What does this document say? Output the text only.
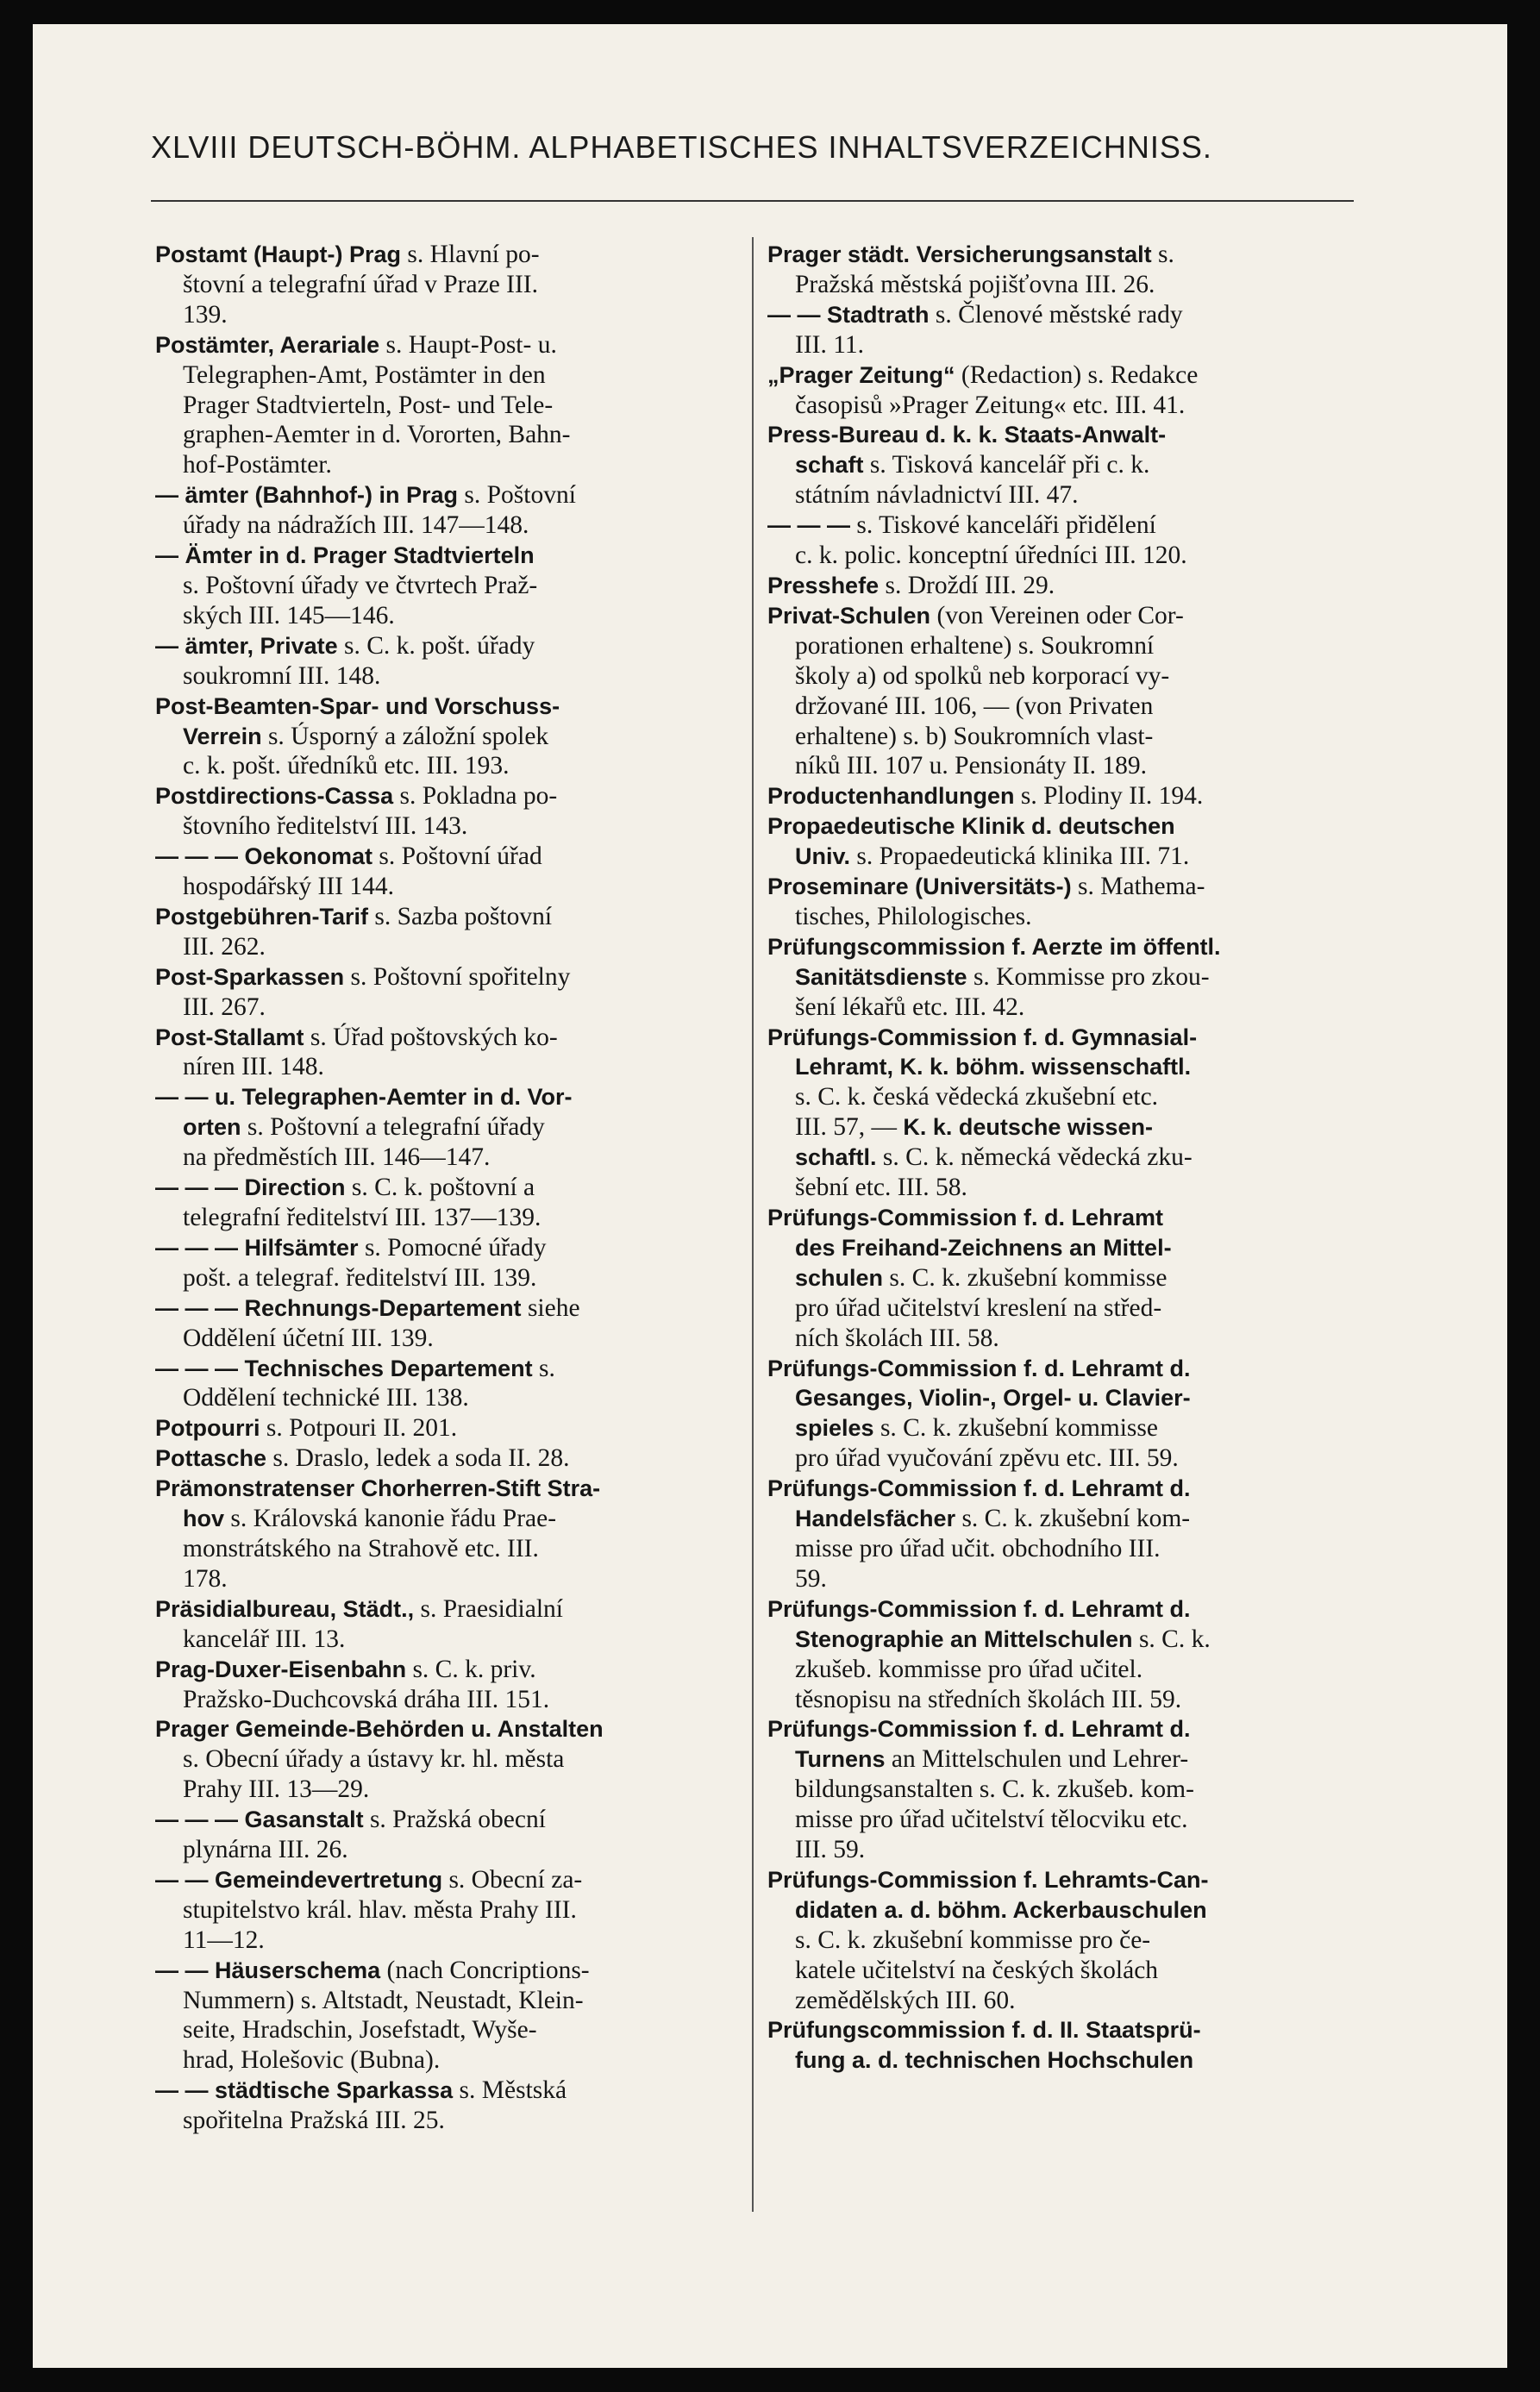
XLVIII DEUTSCH-BÖHM. ALPHABETISCHES INHALTSVERZEICHNISS.
Postamt (Haupt-) Prag s. Hlavní po-
štovní a telegrafní úřad v Praze III.
139.
Postämter, Aerariale s. Haupt-Post- u.
Telegraphen-Amt, Postämter in den
Prager Stadtvierteln, Post- und Tele-
graphen-Aemter in d. Vororten, Bahn-
hof-Postämter.
— ämter (Bahnhof-) in Prag s. Poštovní
úřady na nádražích III. 147—148.
— Ämter in d. Prager Stadtvierteln
s. Poštovní úřady ve čtvrtech Praž-
ských III. 145—146.
— ämter, Private s. C. k. pošt. úřady
soukromní III. 148.
Post-Beamten-Spar- und Vorschuss-
Verrein s. Úsporný a záložní spolek
c. k. pošt. úředníků etc. III. 193.
Postdirections-Cassa s. Pokladna po-
štovního ředitelství III. 143.
— — — Oekonomat s. Poštovní úřad
hospodářský III 144.
Postgebühren-Tarif s. Sazba poštovní
III. 262.
Post-Sparkassen s. Poštovní spořitelny
III. 267.
Post-Stallamt s. Úřad poštovských ko-
níren III. 148.
— — u. Telegraphen-Aemter in d. Vor-
orten s. Poštovní a telegrafní úřady
na předměstích III. 146—147.
— — — Direction s. C. k. poštovní a
telegrafní ředitelství III. 137—139.
— — — Hilfsämter s. Pomocné úřady
pošt. a telegraf. ředitelství III. 139.
— — — Rechnungs-Departement siehe
Oddělení účetní III. 139.
— — — Technisches Departement s.
Oddělení technické III. 138.
Potpourri s. Potpouri II. 201.
Pottasche s. Draslo, ledek a soda II. 28.
Prämonstratenser Chorherren-Stift Stra-
hov s. Královská kanonie řádu Prae-
monstrátského na Strahově etc. III.
178.
Präsidialbureau, Städt., s. Praesidialní
kancelář III. 13.
Prag-Duxer-Eisenbahn s. C. k. priv.
Pražsko-Duchcovská dráha III. 151.
Prager Gemeinde-Behörden u. Anstalten
s. Obecní úřady a ústavy kr. hl. města
Prahy III. 13—29.
— — — Gasanstalt s. Pražská obecní
plynárna III. 26.
— — Gemeindevertretung s. Obecní za-
stupitelstvo král. hlav. města Prahy III.
11—12.
— — Häuserschema (nach Concriptions-
Nummern) s. Altstadt, Neustadt, Klein-
seite, Hradschin, Josefstadt, Wyše-
hrad, Holešovic (Bubna).
— — städtische Sparkassa s. Městská
spořitelna Pražská III. 25.
Prager städt. Versicherungsanstalt s.
Pražská městská pojišťovna III. 26.
— — Stadtrath s. Členové městské rady
III. 11.
„Prager Zeitung“ (Redaction) s. Redakce
časopisů »Prager Zeitung« etc. III. 41.
Press-Bureau d. k. k. Staats-Anwalt-
schaft s. Tisková kancelář při c. k.
státním návladnictví III. 47.
— — — s. Tiskové kanceláři přidělení
c. k. polic. konceptní úředníci III. 120.
Presshefe s. Droždí III. 29.
Privat-Schulen (von Vereinen oder Cor-
porationen erhaltene) s. Soukromní
školy a) od spolků neb korporací vy-
držované III. 106, — (von Privaten
erhaltene) s. b) Soukromních vlast-
níků III. 107 u. Pensionáty II. 189.
Productenhandlungen s. Plodiny II. 194.
Propaedeutische Klinik d. deutschen
Univ. s. Propaedeutická klinika III. 71.
Proseminare (Universitäts-) s. Mathema-
tisches, Philologisches.
Prüfungscommission f. Aerzte im öffentl.
Sanitätsdienste s. Kommisse pro zkou-
šení lékařů etc. III. 42.
Prüfungs-Commission f. d. Gymnasial-
Lehramt, K. k. böhm. wissenschaftl.
s. C. k. česká vědecká zkušební etc.
III. 57, — K. k. deutsche wissen-
schaftl. s. C. k. německá vědecká zku-
šební etc. III. 58.
Prüfungs-Commission f. d. Lehramt
des Freihand-Zeichnens an Mittel-
schulen s. C. k. zkušební kommisse
pro úřad učitelství kreslení na střed-
ních školách III. 58.
Prüfungs-Commission f. d. Lehramt d.
Gesanges, Violin-, Orgel- u. Clavier-
spieles s. C. k. zkušební kommisse
pro úřad vyučování zpěvu etc. III. 59.
Prüfungs-Commission f. d. Lehramt d.
Handelsfächer s. C. k. zkušební kom-
misse pro úřad učit. obchodního III.
59.
Prüfungs-Commission f. d. Lehramt d.
Stenographie an Mittelschulen s. C. k.
zkušeb. kommisse pro úřad učitel.
těsnopisu na středních školách III. 59.
Prüfungs-Commission f. d. Lehramt d.
Turnens an Mittelschulen und Lehrer-
bildungsanstalten s. C. k. zkušeb. kom-
misse pro úřad učitelství tělocviku etc.
III. 59.
Prüfungs-Commission f. Lehramts-Can-
didaten a. d. böhm. Ackerbauschulen
s. C. k. zkušební kommisse pro če-
katele učitelství na českých školách
zemědělských III. 60.
Prüfungscommission f. d. II. Staatsprü-
fung a. d. technischen Hochschulen
